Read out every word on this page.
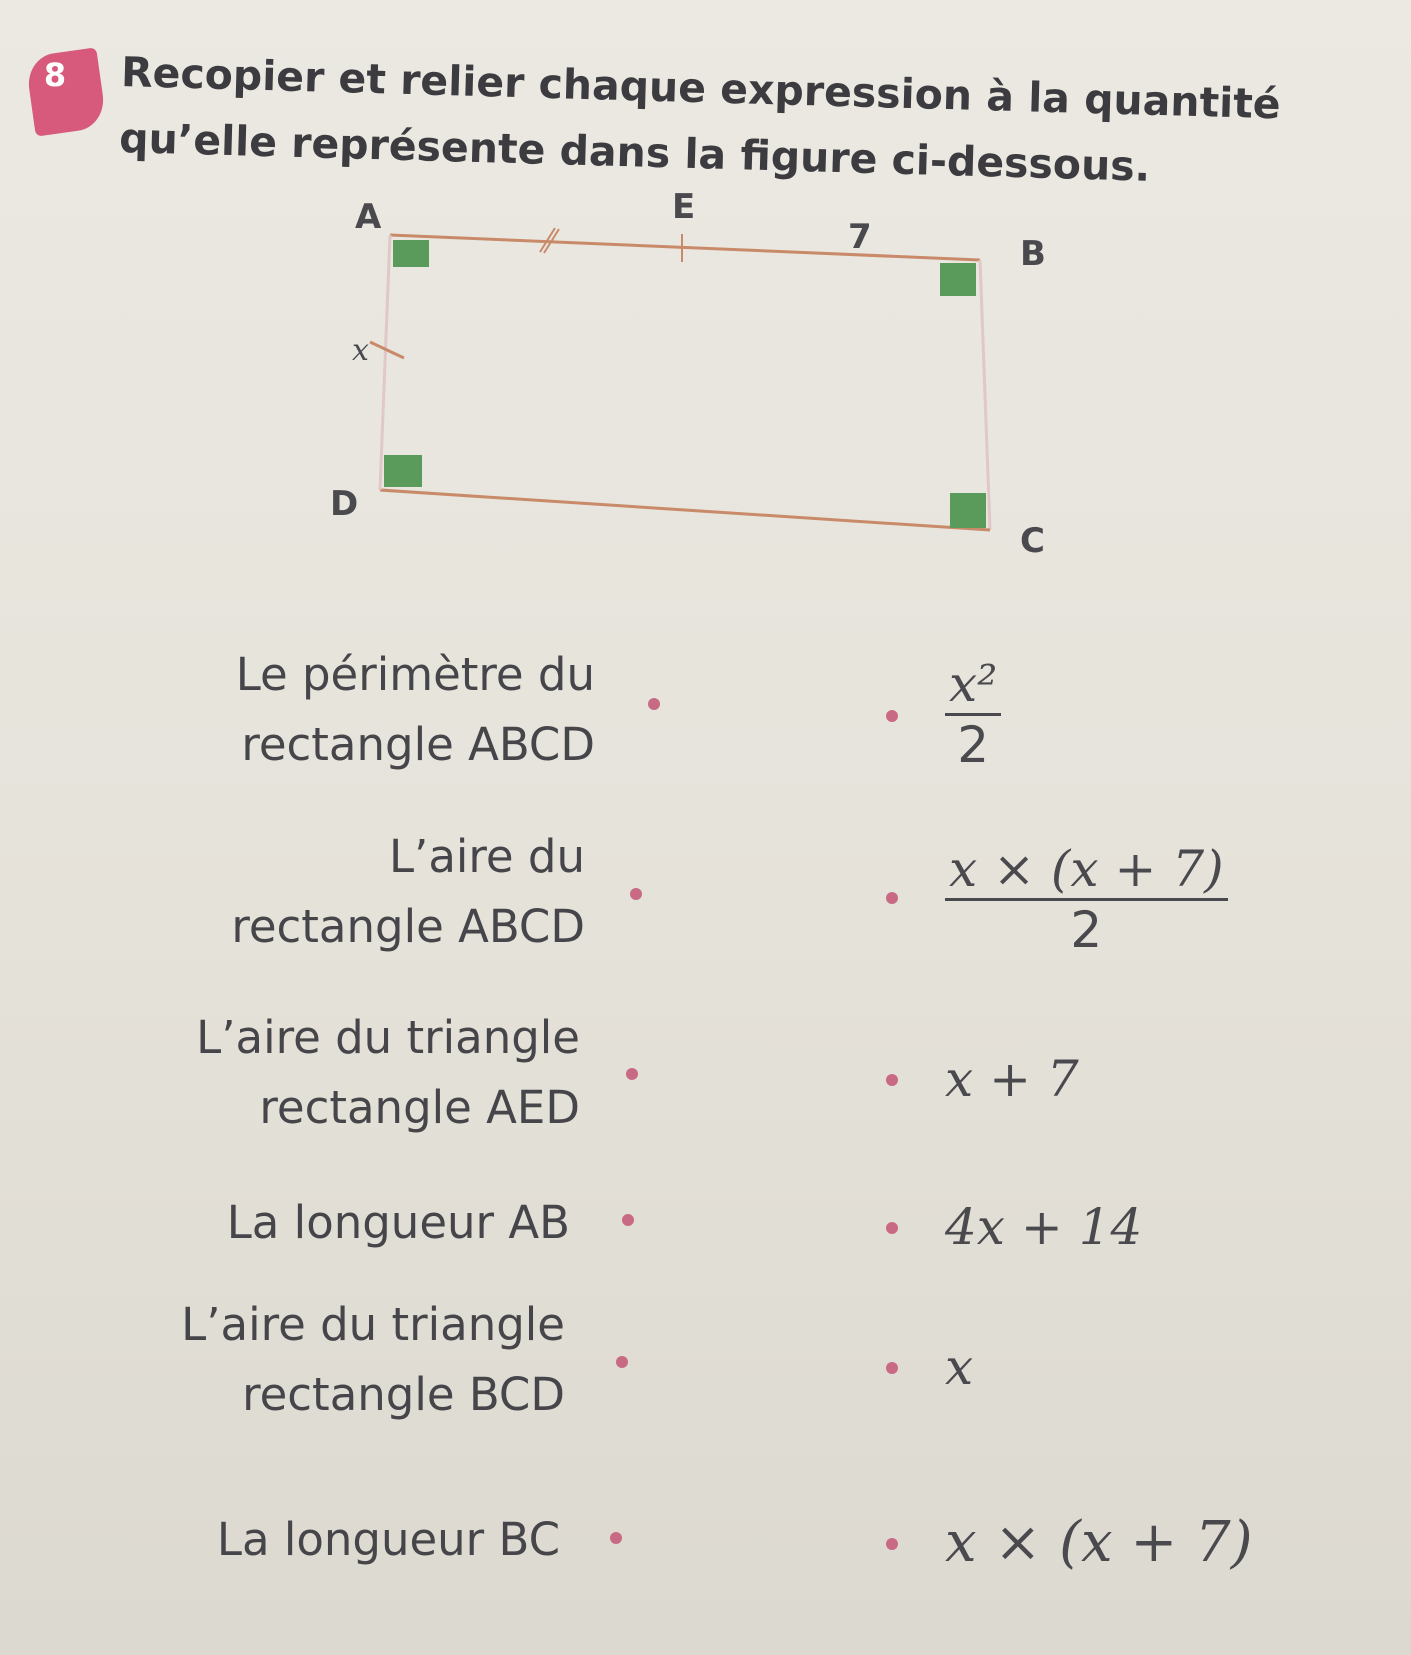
8 Recopier et relier chaque expression à la quantité qu’elle représente dans la figure ci-dessous.
A	E
7	B
x
D
C
Le périmètre du
rectangle ABCD
L’aire du
rectangle ABCD
L’aire du triangle
rectangle AED
La longueur AB
L’aire du triangle
rectangle BCD
La longueur BC
$\frac{\text{x²}}{2}$
$\frac{x \times (x + 7)}{2}$
x + 7
4x + 14
x
x × (x + 7)
